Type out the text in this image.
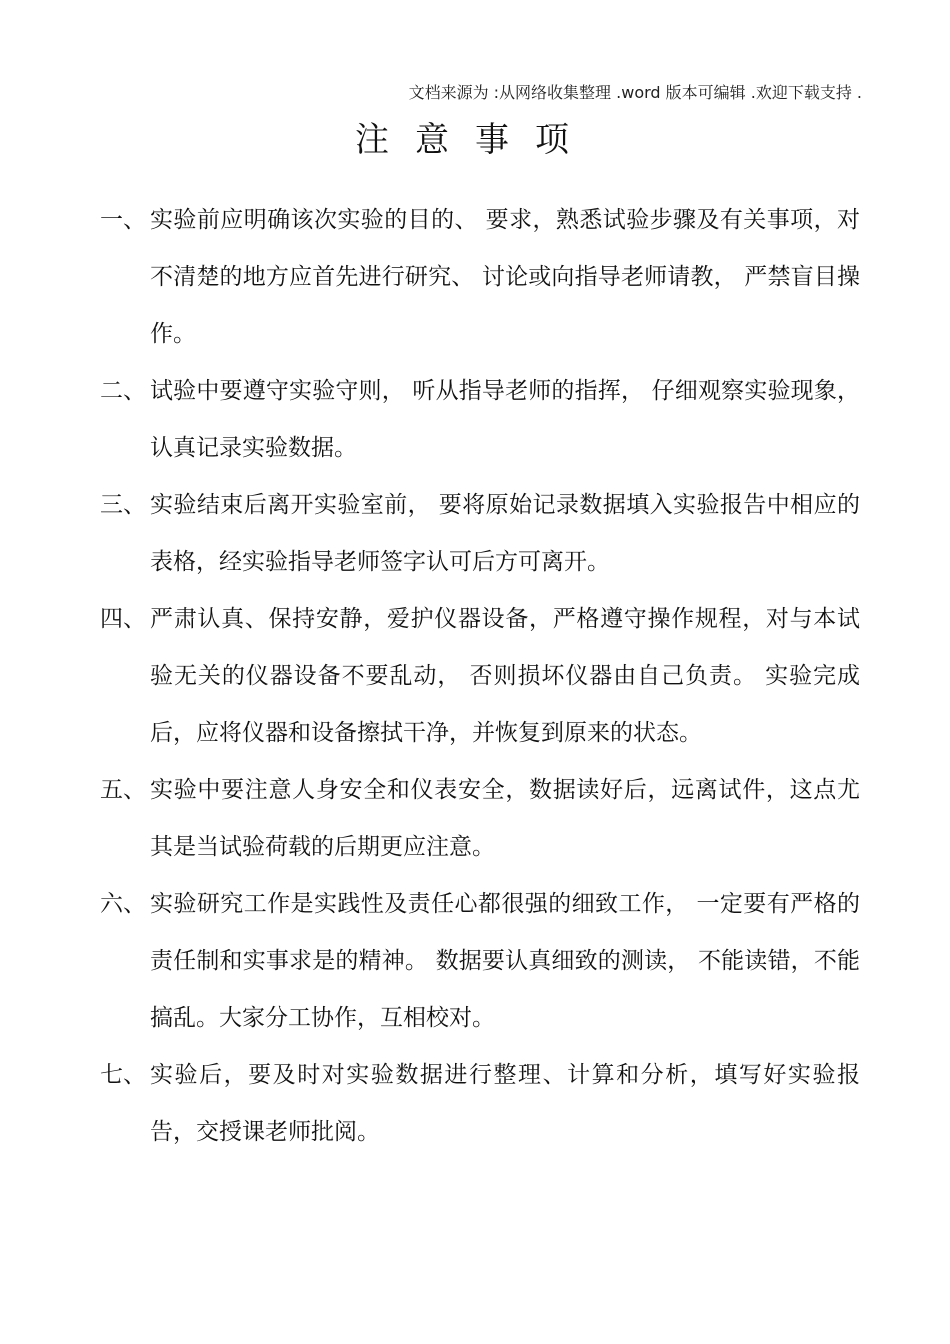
文档来源为 :从网络收集整理 .word 版本可编辑 .欢迎下载支持 .
注意事项
一、 实验前应明确该次实验的目的、 要求，熟悉试验步骤及有关事项，对不清楚的地方应首先进行研究、 讨论或向指导老师请教， 严禁盲目操作。
二、 试验中要遵守实验守则， 听从指导老师的指挥， 仔细观察实验现象，认真记录实验数据。
三、 实验结束后离开实验室前， 要将原始记录数据填入实验报告中相应的表格，经实验指导老师签字认可后方可离开。
四、 严肃认真、保持安静，爱护仪器设备，严格遵守操作规程，对与本试验无关的仪器设备不要乱动， 否则损坏仪器由自己负责。 实验完成后，应将仪器和设备擦拭干净，并恢复到原来的状态。
五、 实验中要注意人身安全和仪表安全，数据读好后，远离试件，这点尤其是当试验荷载的后期更应注意。
六、 实验研究工作是实践性及责任心都很强的细致工作， 一定要有严格的责任制和实事求是的精神。 数据要认真细致的测读， 不能读错，不能搞乱。大家分工协作，互相校对。
七、 实验后，要及时对实验数据进行整理、计算和分析，填写好实验报告，交授课老师批阅。
